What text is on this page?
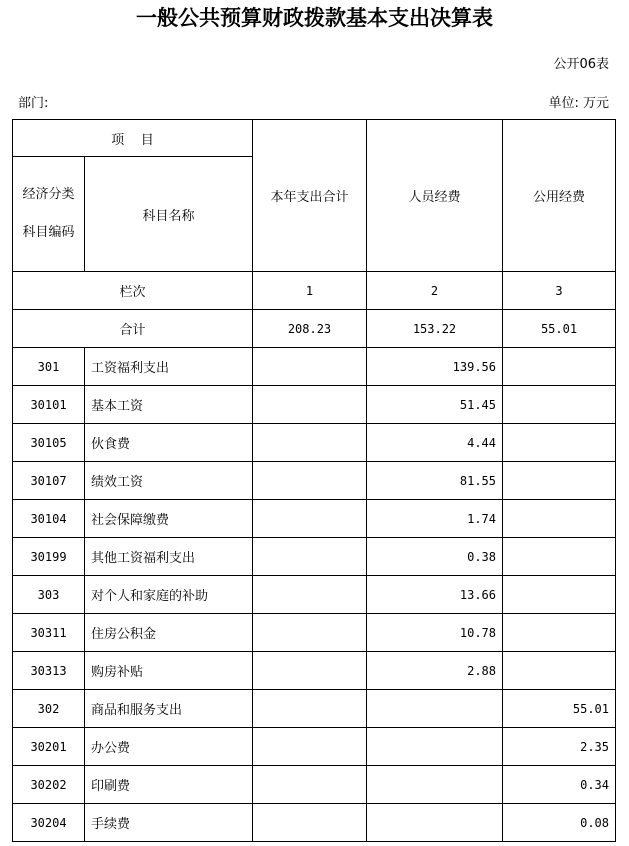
一般公共预算财政拨款基本支出决算表
公开06表
部门:	单位: 万元
项    目		本年支出合计	人员经费	公用经费

经济分类
科目编码	科目名称			
栏次		1	2	3
合计		208.23	153.22	55.01
301	工资福利支出		139.56	
30101	基本工资		51.45	
30105	伙食费		4.44	
30107	绩效工资		81.55	
30104	社会保障缴费		1.74	
30199	其他工资福利支出		0.38	
303	对个人和家庭的补助		13.66	
30311	住房公积金		10.78	
30313	购房补贴		2.88	
302	商品和服务支出			55.01
30201	办公费			2.35
30202	印刷费			0.34
30204	手续费			0.08
